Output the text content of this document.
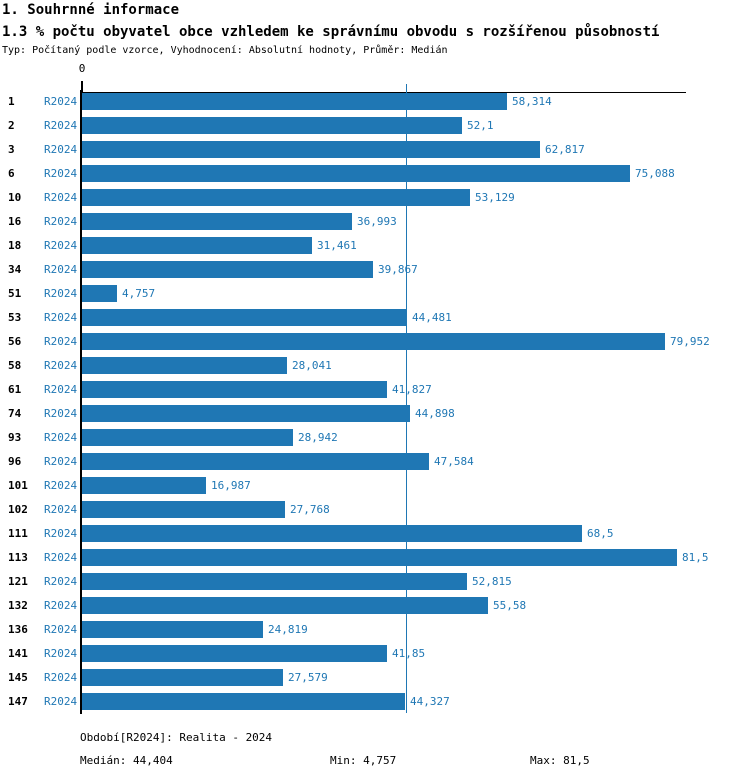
1. Souhrnné informace
1.3 % počtu obyvatel obce vzhledem ke správnímu obvodu s rozšířenou působností
Typ: Počítaný podle vzorce, Vyhodnocení: Absolutní hodnoty, Průměr: Medián
0
1	R2024	58,314
2	R2024	52,1
3	R2024	62,817
6	R2024	75,088
10	R2024	53,129
16	R2024	36,993
18	R2024	31,461
34	R2024	39,867
51	R2024	4,757
53	R2024	44,481
56	R2024	79,952
58	R2024	28,041
61	R2024	41,827
74	R2024	44,898
93	R2024	28,942
96	R2024	47,584
101	R2024	16,987
102	R2024	27,768
111	R2024	68,5
113	R2024	81,5
121	R2024	52,815
132	R2024	55,58
136	R2024	24,819
141	R2024	41,85
145	R2024	27,579
147	R2024	44,327
Období[R2024]: Realita - 2024
Medián: 44,404	Min: 4,757	Max: 81,5
